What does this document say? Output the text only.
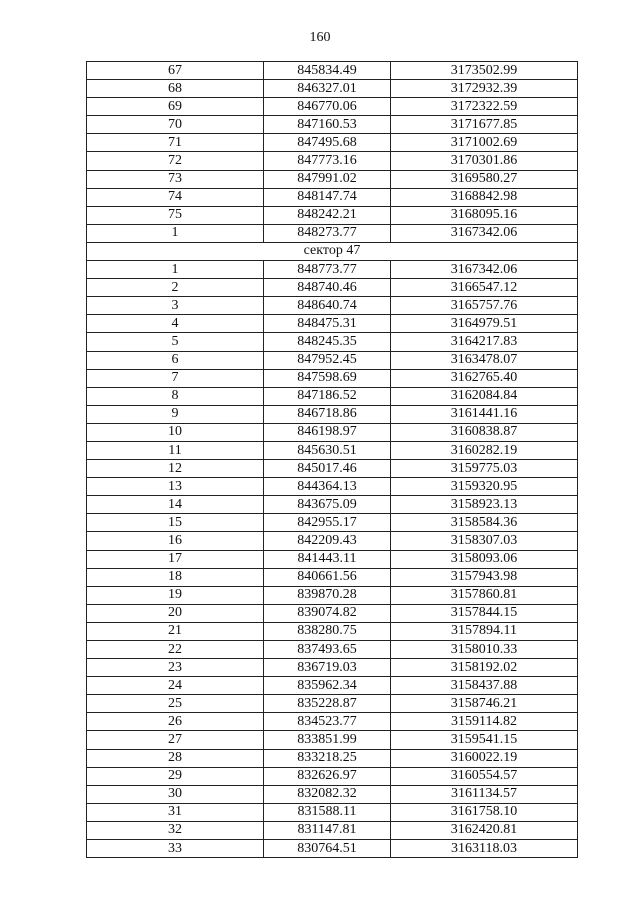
160
67	845834.49	3173502.99
68	846327.01	3172932.39
69	846770.06	3172322.59
70	847160.53	3171677.85
71	847495.68	3171002.69
72	847773.16	3170301.86
73	847991.02	3169580.27
74	848147.74	3168842.98
75	848242.21	3168095.16
1	848273.77	3167342.06
сектор 47		
1	848773.77	3167342.06
2	848740.46	3166547.12
3	848640.74	3165757.76
4	848475.31	3164979.51
5	848245.35	3164217.83
6	847952.45	3163478.07
7	847598.69	3162765.40
8	847186.52	3162084.84
9	846718.86	3161441.16
10	846198.97	3160838.87
11	845630.51	3160282.19
12	845017.46	3159775.03
13	844364.13	3159320.95
14	843675.09	3158923.13
15	842955.17	3158584.36
16	842209.43	3158307.03
17	841443.11	3158093.06
18	840661.56	3157943.98
19	839870.28	3157860.81
20	839074.82	3157844.15
21	838280.75	3157894.11
22	837493.65	3158010.33
23	836719.03	3158192.02
24	835962.34	3158437.88
25	835228.87	3158746.21
26	834523.77	3159114.82
27	833851.99	3159541.15
28	833218.25	3160022.19
29	832626.97	3160554.57
30	832082.32	3161134.57
31	831588.11	3161758.10
32	831147.81	3162420.81
33	830764.51	3163118.03
